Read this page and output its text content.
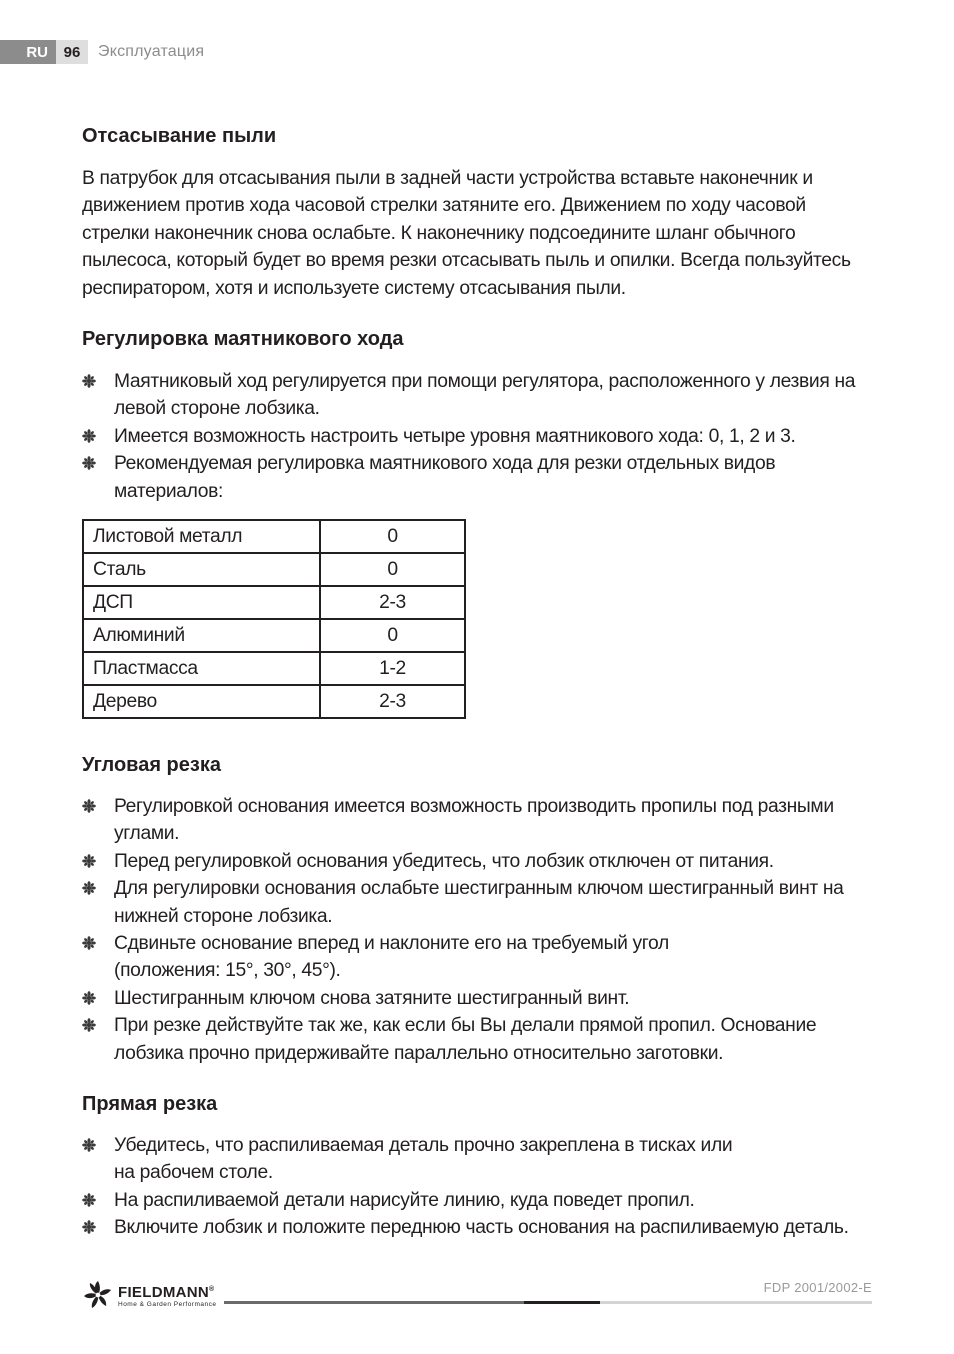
RU	96	Эксплуатация
Отсасывание пыли
В патрубок для отсасывания пыли в задней части устройства вставьте наконечник и
движением против хода часовой стрелки затяните его. Движением по ходу часовой
стрелки наконечник снова ослабьте. К наконечнику подсоедините шланг обычного
пылесоса, который будет во время резки отсасывать пыль и опилки. Всегда пользуйтесь
респиратором, хотя и используете систему отсасывания пыли.
Регулировка маятникового хода
Маятниковый ход регулируется при помощи регулятора, расположенного у лезвия на
левой стороне лобзика.
Имеется возможность настроить четыре уровня маятникового хода: 0, 1, 2 и 3.
Рекомендуемая регулировка маятникового хода для резки отдельных видов
материалов:
Листовой металл	0
Сталь	0
ДСП	2-3
Алюминий	0
Пластмасса	1-2
Дерево	2-3
Угловая резка
Регулировкой основания имеется возможность производить пропилы под разными
углами.
Перед регулировкой основания убедитесь, что лобзик отключен от питания.
Для регулировки основания ослабьте шестигранным ключом шестигранный винт на
нижней стороне лобзика.
Сдвиньте основание вперед и наклоните его на требуемый угол
(положения: 15°, 30°, 45°).
Шестигранным ключом снова затяните шестигранный винт.
При резке действуйте так же, как если бы Вы делали прямой пропил. Основание
лобзика прочно придерживайте параллельно относительно заготовки.
Прямая резка
Убедитесь, что распиливаемая деталь прочно закреплена в тисках или
на рабочем столе.
На распиливаемой детали нарисуйте линию, куда поведет пропил.
Включите лобзик и положите переднюю часть основания на распиливаемую деталь.
FIELDMANN®
Home & Garden Performance
FDP 2001/2002-E
